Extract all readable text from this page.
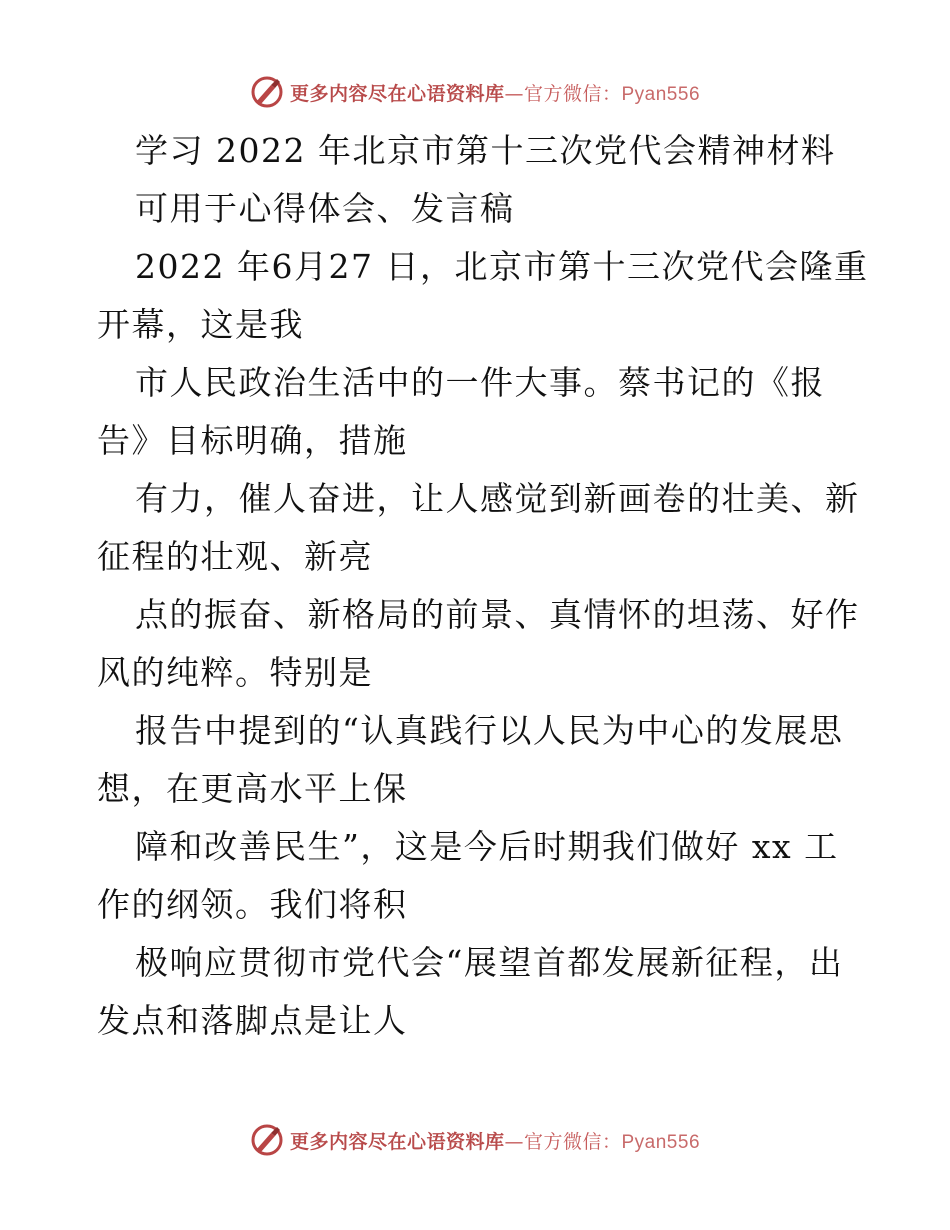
更多内容尽在心语资料库—官方微信：Pyan556
学习 2022 年北京市第十三次党代会精神材料
可用于心得体会、发言稿
2022 年6月27 日，北京市第十三次党代会隆重
开幕，这是我
市人民政治生活中的一件大事。蔡书记的《报
告》目标明确，措施
有力，催人奋进，让人感觉到新画卷的壮美、新
征程的壮观、新亮
点的振奋、新格局的前景、真情怀的坦荡、好作
风的纯粹。特别是
报告中提到的“认真践行以人民为中心的发展思
想，在更高水平上保
障和改善民生”，这是今后时期我们做好 xx 工
作的纲领。我们将积
极响应贯彻市党代会“展望首都发展新征程，出
发点和落脚点是让人
更多内容尽在心语资料库—官方微信：Pyan556
